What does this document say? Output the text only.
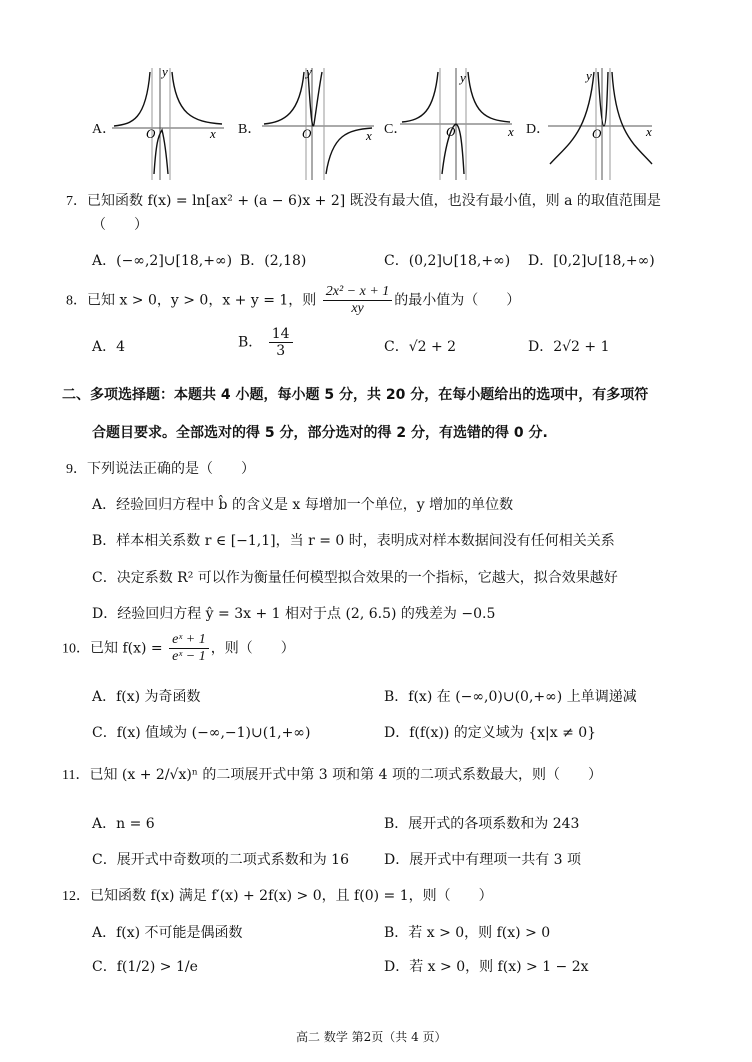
A． O
y
x B．	O
y
x C．	O
y
x D．	O
y
x
7．已知函数 f(x) = ln[ax² + (a − 6)x + 2] 既没有最大值，也没有最小值，则 a 的取值范围是
（　　）
A．(−∞,2]∪[18,+∞) B．(2,18)	C．(0,2]∪[18,+∞) D．[0,2]∪[18,+∞)
8．已知 x > 0，y > 0，x + y = 1，则 $\frac{\text{2x² − x + 1}}{xy}$ 的最小值为（　　）
A．4	B． $\frac{14}{3}$	C．√2 + 2	D．2√2 + 1
二、多项选择题：本题共 4 小题，每小题 5 分，共 20 分，在每小题给出的选项中，有多项符
合题目要求。全部选对的得 5 分，部分选对的得 2 分，有选错的得 0 分.
9．下列说法正确的是（　　）
A．经验回归方程中 b̂ 的含义是 x 每增加一个单位，y 增加的单位数
B．样本相关系数 r ∈ [−1,1]，当 r = 0 时，表明成对样本数据间没有任何相关关系
C．决定系数 R² 可以作为衡量任何模型拟合效果的一个指标，它越大，拟合效果越好
D．经验回归方程 ŷ = 3x + 1 相对于点 (2, 6.5) 的残差为 −0.5
10．已知 $f(x) = \frac{\text{eˣ + 1}}{\text{eˣ − 1}}$ ，则（　　）
A．f(x) 为奇函数	B．f(x) 在 (−∞,0)∪(0,+∞) 上单调递减
C．f(x) 值域为 (−∞,−1)∪(1,+∞)	D．f(f(x)) 的定义域为 {x|x ≠ 0}
11．已知 (x + 2/√x)ⁿ 的二项展开式中第 3 项和第 4 项的二项式系数最大，则（　　）
A．n = 6	B．展开式的各项系数和为 243
C．展开式中奇数项的二项式系数和为 16	D．展开式中有理项一共有 3 项
12．已知函数 f(x) 满足 f′(x) + 2f(x) > 0，且 f(0) = 1，则（　　）
A．f(x) 不可能是偶函数	B．若 x > 0，则 f(x) > 0
C．f(1/2) > 1/e	D．若 x > 0，则 f(x) > 1 − 2x
高二 数学 第2页（共 4 页）
